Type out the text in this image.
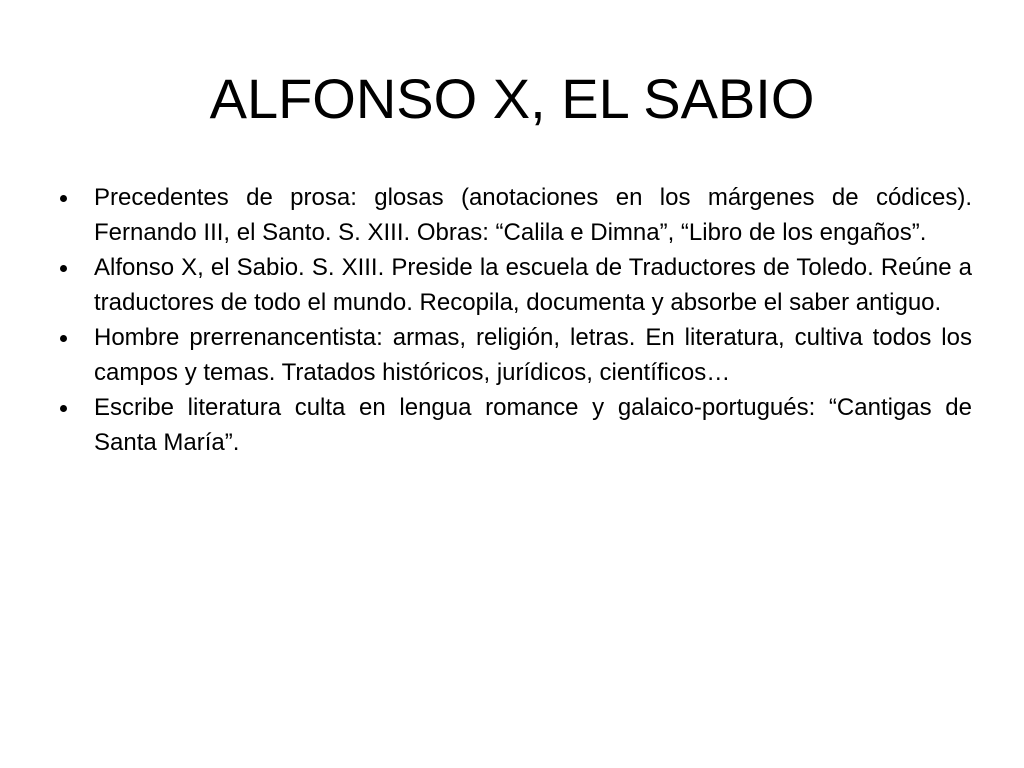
ALFONSO X, EL SABIO
Precedentes de prosa: glosas (anotaciones en los márgenes de códices). Fernando III, el Santo. S. XIII. Obras: “Calila e Dimna”, “Libro de los engaños”.
Alfonso X, el Sabio. S. XIII. Preside la escuela de Traductores de Toledo. Reúne a traductores de todo el mundo. Recopila, documenta y absorbe el saber antiguo.
Hombre prerrenancentista: armas, religión, letras. En literatura, cultiva todos los campos y temas. Tratados históricos, jurídicos, científicos…
Escribe literatura culta en lengua romance y galaico-portugués: “Cantigas de Santa María”.
